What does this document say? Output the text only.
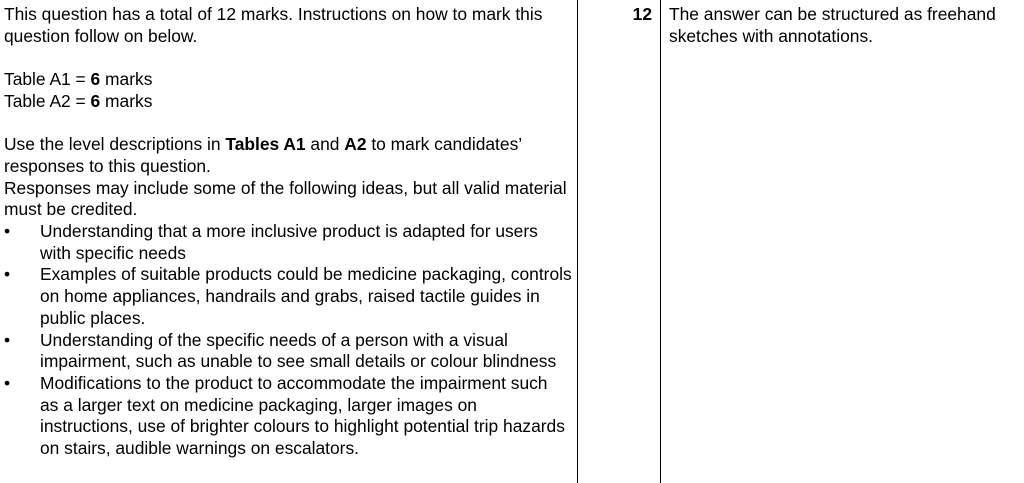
This question has a total of 12 marks. Instructions on how to mark this question follow on below.

Table A1 = 6 marks

Table A2 = 6 marks

Use the level descriptions in Tables A1 and A2 to mark candidates’ responses to this question.

Responses may include some of the following ideas, but all valid material must be credited.

• Understanding that a more inclusive product is adapted for users with specific needs
• Examples of suitable products could be medicine packaging, controls on home appliances, handrails and grabs, raised tactile guides in public places.
• Understanding of the specific needs of a person with a visual impairment, such as unable to see small details or colour blindness
• Modifications to the product to accommodate the impairment such as a larger text on medicine packaging, larger images on instructions, use of brighter colours to highlight potential trip hazards on stairs, audible warnings on escalators.
12 The answer can be structured as freehand sketches with annotations.
